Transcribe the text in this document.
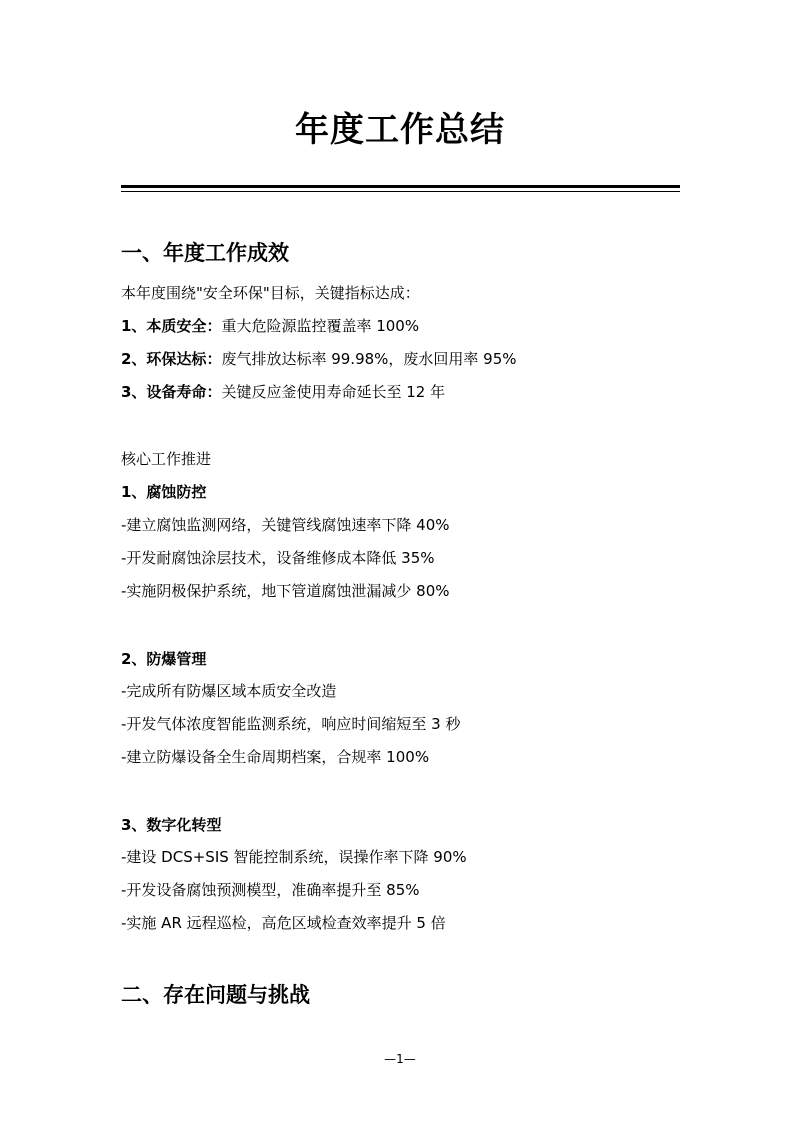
年度工作总结
一、年度工作成效
本年度围绕"安全环保"目标，关键指标达成：
1、本质安全：重大危险源监控覆盖率 100%
2、环保达标：废气排放达标率 99.98%，废水回用率 95%
3、设备寿命：关键反应釜使用寿命延长至 12 年
核心工作推进
1、腐蚀防控
-建立腐蚀监测网络，关键管线腐蚀速率下降 40%
-开发耐腐蚀涂层技术，设备维修成本降低 35%
-实施阴极保护系统，地下管道腐蚀泄漏减少 80%
2、防爆管理
-完成所有防爆区域本质安全改造
-开发气体浓度智能监测系统，响应时间缩短至 3 秒
-建立防爆设备全生命周期档案，合规率 100%
3、数字化转型
-建设 DCS+SIS 智能控制系统，误操作率下降 90%
-开发设备腐蚀预测模型，准确率提升至 85%
-实施 AR 远程巡检，高危区域检查效率提升 5 倍
二、存在问题与挑战
—1—
